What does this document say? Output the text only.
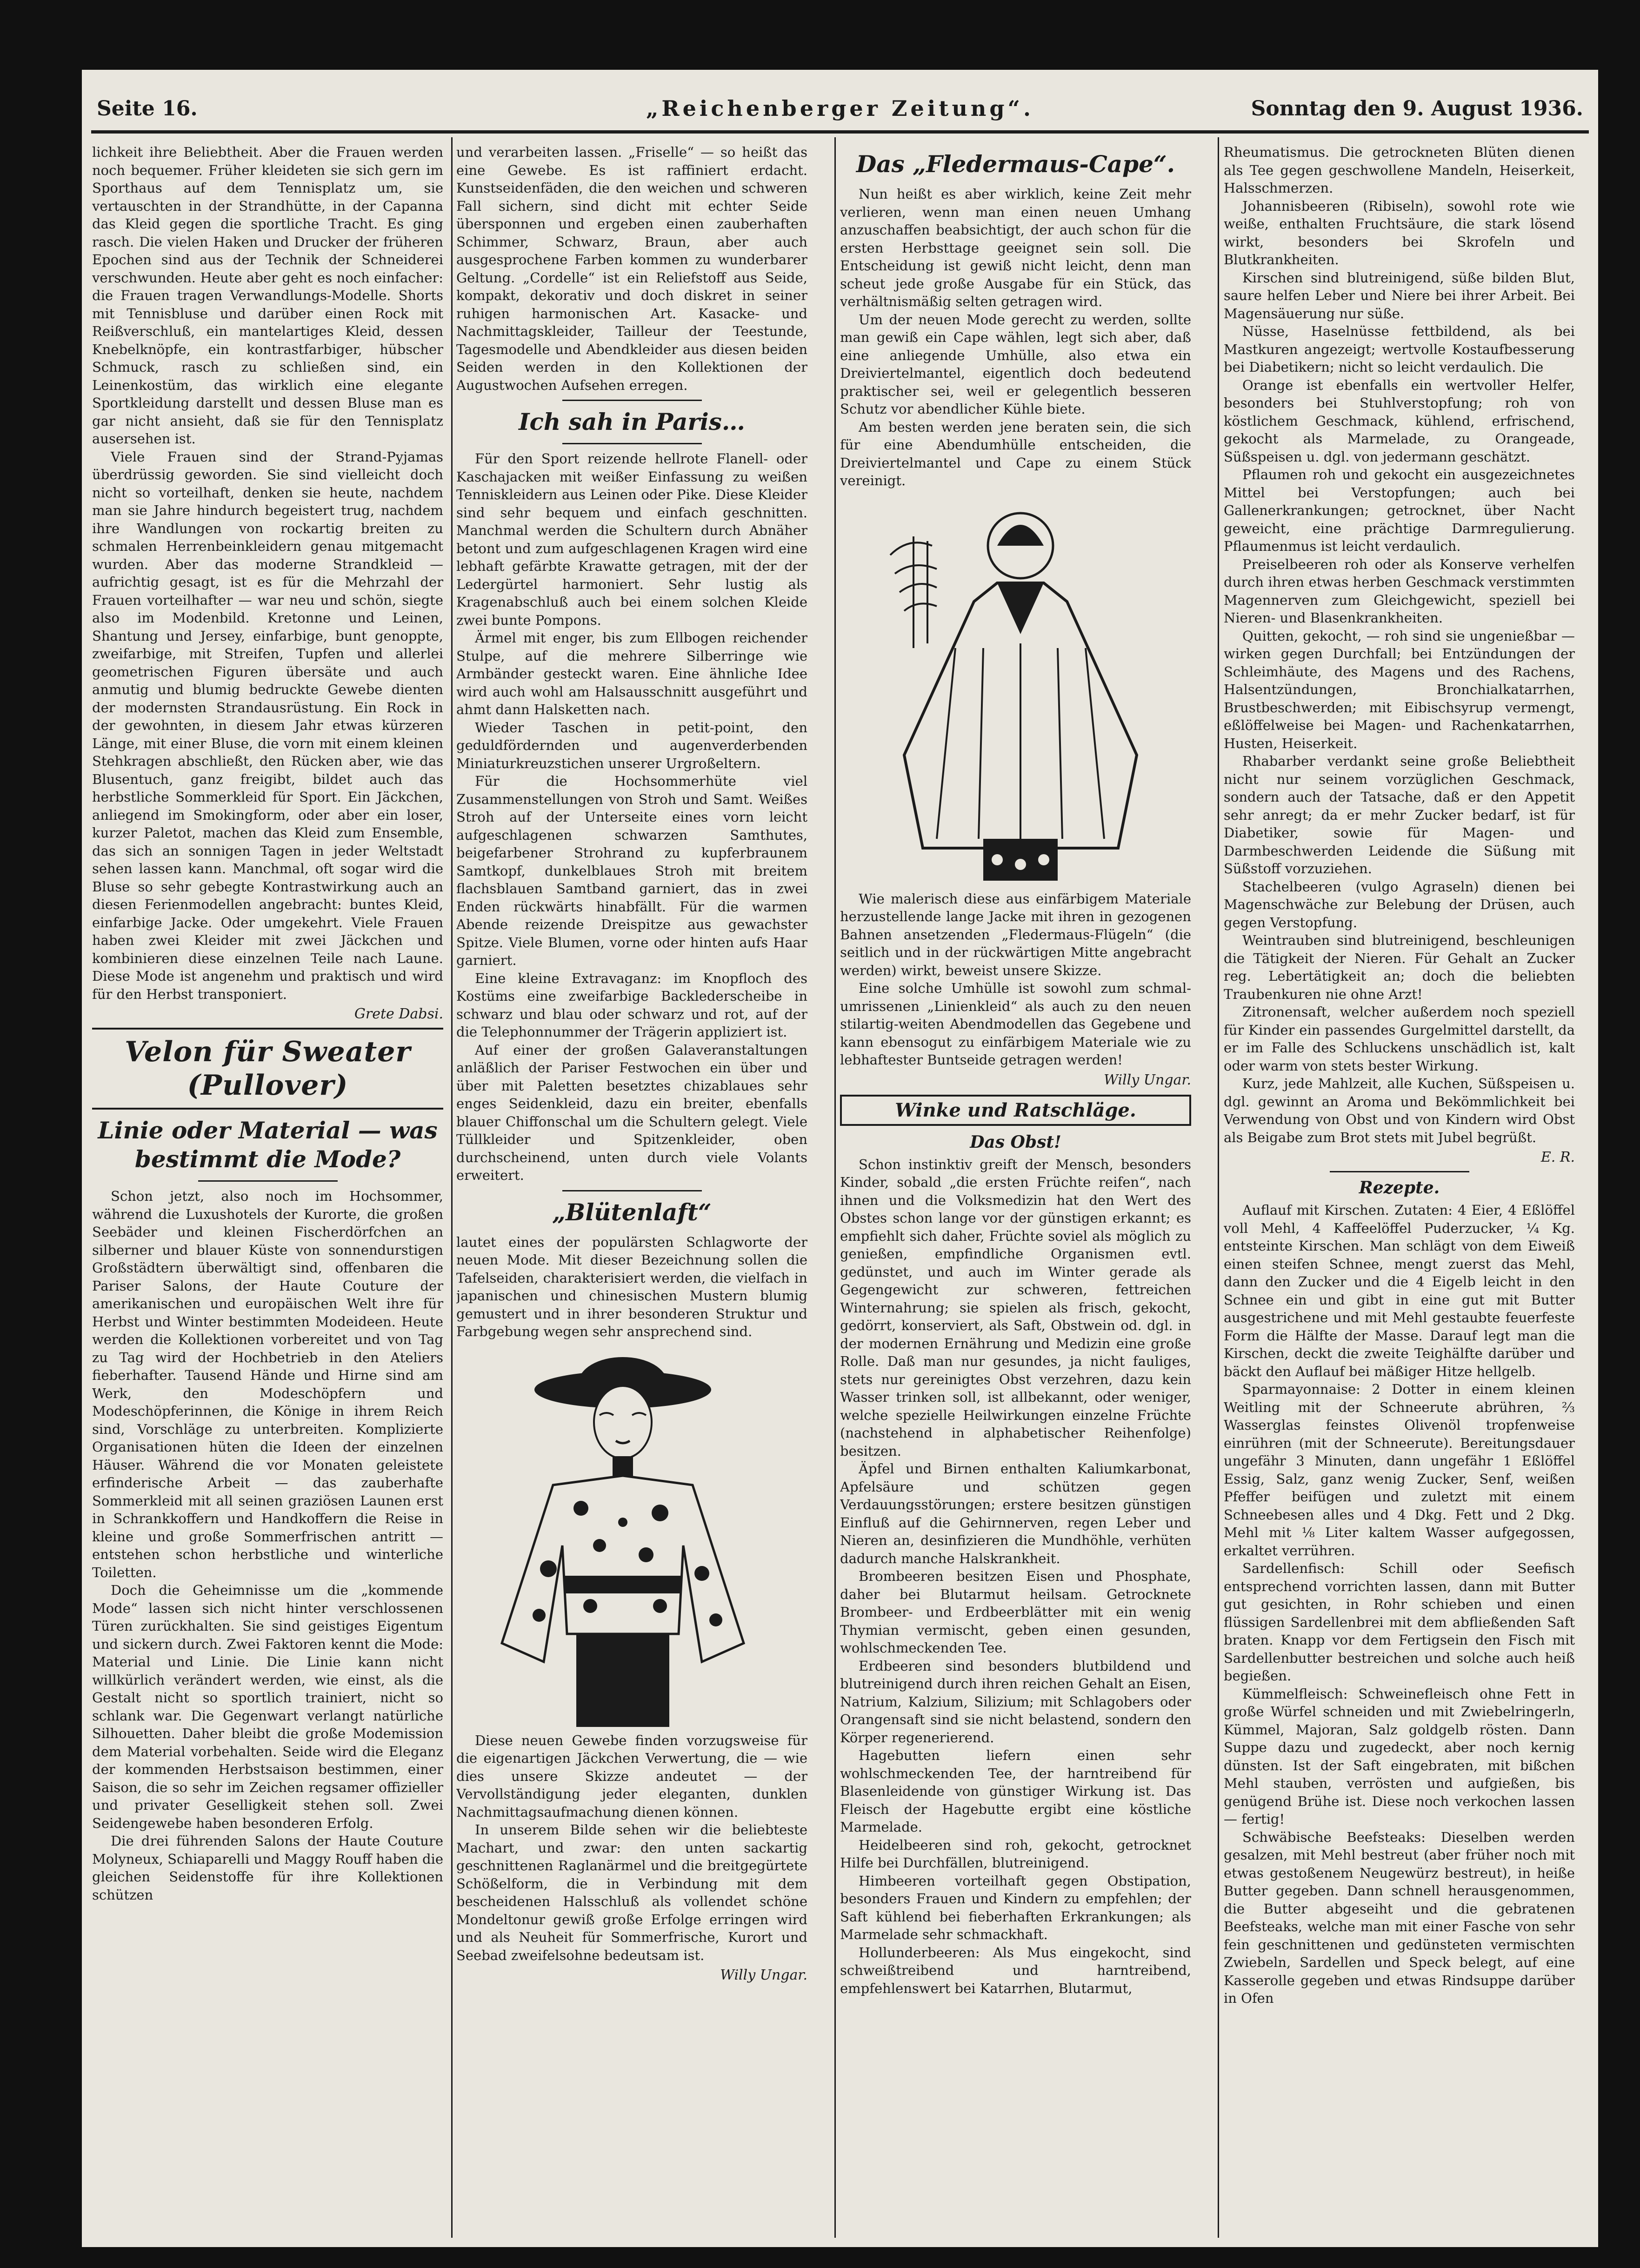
Seite 16.	„Reichenberger Zeitung“.	Sonntag den 9. August 1936.

lichkeit ihre Beliebtheit. Aber die Frauen werden noch bequemer. Früher kleideten sie sich gern im Sporthaus auf dem Tennisplatz um, sie vertauschten in der Strandhütte, in der Capanna das Kleid gegen die sportliche Tracht. Es ging rasch. Die vielen Haken und Drucker der früheren Epochen sind aus der Technik der Schneiderei verschwunden. Heute aber geht es noch einfacher: die Frauen tragen Verwandlungs-Modelle. Shorts mit Tennisbluse und darüber einen Rock mit Reißverschluß, ein mantelartiges Kleid, dessen Knebelknöpfe, ein kontrastfarbiger, hübscher Schmuck, rasch zu schließen sind, ein Leinenkostüm, das wirklich eine elegante Sportkleidung darstellt und dessen Bluse man es gar nicht ansieht, daß sie für den Tennisplatz ausersehen ist.

Viele Frauen sind der Strand-Pyjamas überdrüssig geworden. Sie sind vielleicht doch nicht so vorteilhaft, denken sie heute, nachdem man sie Jahre hindurch begeistert trug, nachdem ihre Wandlungen von rockartig breiten zu schmalen Herrenbeinkleidern genau mitgemacht wurden. Aber das moderne Strandkleid — aufrichtig gesagt, ist es für die Mehrzahl der Frauen vorteilhafter — war neu und schön, siegte also im Modenbild. Kretonne und Leinen, Shantung und Jersey, einfarbige, bunt genoppte, zweifarbige, mit Streifen, Tupfen und allerlei geometrischen Figuren übersäte und auch anmutig und blumig bedruckte Gewebe dienten der modernsten Strandausrüstung. Ein Rock in der gewohnten, in diesem Jahr etwas kürzeren Länge, mit einer Bluse, die vorn mit einem kleinen Stehkragen abschließt, den Rücken aber, wie das Blusentuch, ganz freigibt, bildet auch das herbstliche Sommerkleid für Sport. Ein Jäckchen, anliegend im Smokingform, oder aber ein loser, kurzer Paletot, machen das Kleid zum Ensemble, das sich an sonnigen Tagen in jeder Weltstadt sehen lassen kann. Manchmal, oft sogar wird die Bluse so sehr gebegte Kontrastwirkung auch an diesen Ferienmodellen angebracht: buntes Kleid, einfarbige Jacke. Oder umgekehrt. Viele Frauen haben zwei Kleider mit zwei Jäckchen und kombinieren diese einzelnen Teile nach Laune. Diese Mode ist angenehm und praktisch und wird für den Herbst transponiert.

Grete Dabsi.
Velon für Sweater (Pullover)
Linie oder Material — was bestimmt die Mode?

Schon jetzt, also noch im Hochsommer, während die Luxushotels der Kurorte, die großen Seebäder und kleinen Fischerdörfchen an silberner und blauer Küste von sonnendurstigen Großstädtern überwältigt sind, offenbaren die Pariser Salons, der Haute Couture der amerikanischen und europäischen Welt ihre für Herbst und Winter bestimmten Modeideen. Heute werden die Kollektionen vorbereitet und von Tag zu Tag wird der Hochbetrieb in den Ateliers fieberhafter. Tausend Hände und Hirne sind am Werk, den Modeschöpfern und Modeschöpferinnen, die Könige in ihrem Reich sind, Vorschläge zu unterbreiten. Komplizierte Organisationen hüten die Ideen der einzelnen Häuser. Während die vor Monaten geleistete erfinderische Arbeit — das zauberhafte Sommerkleid mit all seinen graziösen Launen erst in Schrankkoffern und Handkoffern die Reise in kleine und große Sommerfrischen antritt — entstehen schon herbstliche und winterliche Toiletten.

Doch die Geheimnisse um die „kommende Mode“ lassen sich nicht hinter verschlossenen Türen zurückhalten. Sie sind geistiges Eigentum und sickern durch. Zwei Faktoren kennt die Mode: Material und Linie. Die Linie kann nicht willkürlich verändert werden, wie einst, als die Gestalt nicht so sportlich trainiert, nicht so schlank war. Die Gegenwart verlangt natürliche Silhouetten. Daher bleibt die große Modemission dem Material vorbehalten. Seide wird die Eleganz der kommenden Herbstsaison bestimmen, einer Saison, die so sehr im Zeichen regsamer offizieller und privater Geselligkeit stehen soll. Zwei Seidengewebe haben besonderen Erfolg.

Die drei führenden Salons der Haute Couture Molyneux, Schiaparelli und Maggy Rouff haben die gleichen Seidenstoffe für ihre Kollektionen schützen

und verarbeiten lassen. „Friselle“ — so heißt das eine Gewebe. Es ist raffiniert erdacht. Kunstseidenfäden, die den weichen und schweren Fall sichern, sind dicht mit echter Seide übersponnen und ergeben einen zauberhaften Schimmer, Schwarz, Braun, aber auch ausgesprochene Farben kommen zu wunderbarer Geltung. „Cordelle“ ist ein Reliefstoff aus Seide, kompakt, dekorativ und doch diskret in seiner ruhigen harmonischen Art. Kasacke- und Nachmittagskleider, Tailleur der Teestunde, Tagesmodelle und Abendkleider aus diesen beiden Seiden werden in den Kollektionen der Augustwochen Aufsehen erregen.

Ich sah in Paris…

Für den Sport reizende hellrote Flanell- oder Kaschajacken mit weißer Einfassung zu weißen Tenniskleidern aus Leinen oder Pike. Diese Kleider sind sehr bequem und einfach geschnitten. Manchmal werden die Schultern durch Abnäher betont und zum aufgeschlagenen Kragen wird eine lebhaft gefärbte Krawatte getragen, mit der der Ledergürtel harmoniert. Sehr lustig als Kragenabschluß auch bei einem solchen Kleide zwei bunte Pompons.

Ärmel mit enger, bis zum Ellbogen reichender Stulpe, auf die mehrere Silberringe wie Armbänder gesteckt waren. Eine ähnliche Idee wird auch wohl am Halsausschnitt ausgeführt und ahmt dann Halsketten nach.

Wieder Taschen in petit-point, den geduldfördernden und augenverderbenden Miniaturkreuzstichen unserer Urgroßeltern.

Für die Hochsommerhüte viel Zusammenstellungen von Stroh und Samt. Weißes Stroh auf der Unterseite eines vorn leicht aufgeschlagenen schwarzen Samthutes, beigefarbener Strohrand zu kupferbraunem Samtkopf, dunkelblaues Stroh mit breitem flachsblauen Samtband garniert, das in zwei Enden rückwärts hinabfällt. Für die warmen Abende reizende Dreispitze aus gewachster Spitze. Viele Blumen, vorne oder hinten aufs Haar garniert.

Eine kleine Extravaganz: im Knopfloch des Kostüms eine zweifarbige Backlederscheibe in schwarz und blau oder schwarz und rot, auf der die Telephonnummer der Trägerin appliziert ist.

Auf einer der großen Galaveranstaltungen anläßlich der Pariser Festwochen ein über und über mit Paletten besetztes chizablaues sehr enges Seidenkleid, dazu ein breiter, ebenfalls blauer Chiffonschal um die Schultern gelegt. Viele Tüllkleider und Spitzenkleider, oben durchscheinend, unten durch viele Volants erweitert.

„Blütenlaft“

lautet eines der populärsten Schlagworte der neuen Mode. Mit dieser Bezeichnung sollen die Tafelseiden, charakterisiert werden, die vielfach in japanischen und chinesischen Mustern blumig gemustert und in ihrer besonderen Struktur und Farbgebung wegen sehr ansprechend sind.

Diese neuen Gewebe finden vorzugsweise für die eigenartigen Jäckchen Verwertung, die — wie dies unsere Skizze andeutet — der Vervollständigung jeder eleganten, dunklen Nachmittagsaufmachung dienen können.

In unserem Bilde sehen wir die beliebteste Machart, und zwar: den unten sackartig geschnittenen Raglanärmel und die breitgegürtete Schößelform, die in Verbindung mit dem bescheidenen Halsschluß als vollendet schöne Mondeltonur gewiß große Erfolge erringen wird und als Neuheit für Sommerfrische, Kurort und Seebad zweifelsohne bedeutsam ist.

Willy Ungar.
Das „Fledermaus-Cape“.

Nun heißt es aber wirklich, keine Zeit mehr verlieren, wenn man einen neuen Umhang anzuschaffen beabsichtigt, der auch schon für die ersten Herbsttage geeignet sein soll. Die Entscheidung ist gewiß nicht leicht, denn man scheut jede große Ausgabe für ein Stück, das verhältnismäßig selten getragen wird.

Um der neuen Mode gerecht zu werden, sollte man gewiß ein Cape wählen, legt sich aber, daß eine anliegende Umhülle, also etwa ein Dreiviertelmantel, eigentlich doch bedeutend praktischer sei, weil er gelegentlich besseren Schutz vor abendlicher Kühle biete.

Am besten werden jene beraten sein, die sich für eine Abendumhülle entscheiden, die Dreiviertelmantel und Cape zu einem Stück vereinigt.

Wie malerisch diese aus einfärbigem Materiale herzustellende lange Jacke mit ihren in gezogenen Bahnen ansetzenden „Fledermaus-Flügeln“ (die seitlich und in der rückwärtigen Mitte angebracht werden) wirkt, beweist unsere Skizze.

Eine solche Umhülle ist sowohl zum schmal-umrissenen „Linienkleid“ als auch zu den neuen stilartig-weiten Abendmodellen das Gegebene und kann ebensogut zu einfärbigem Materiale wie zu lebhaftester Buntseide getragen werden!

Willy Ungar.
Winke und Ratschläge.
Das Obst!

Schon instinktiv greift der Mensch, besonders Kinder, sobald „die ersten Früchte reifen“, nach ihnen und die Volksmedizin hat den Wert des Obstes schon lange vor der günstigen erkannt; es empfiehlt sich daher, Früchte soviel als möglich zu genießen, empfindliche Organismen evtl. gedünstet, und auch im Winter gerade als Gegengewicht zur schweren, fettreichen Winternahrung; sie spielen als frisch, gekocht, gedörrt, konserviert, als Saft, Obstwein od. dgl. in der modernen Ernährung und Medizin eine große Rolle. Daß man nur gesundes, ja nicht fauliges, stets nur gereinigtes Obst verzehren, dazu kein Wasser trinken soll, ist allbekannt, oder weniger, welche spezielle Heilwirkungen einzelne Früchte (nachstehend in alphabetischer Reihenfolge) besitzen.

Äpfel und Birnen enthalten Kaliumkarbonat, Apfelsäure und schützen gegen Verdauungsstörungen; erstere besitzen günstigen Einfluß auf die Gehirnnerven, regen Leber und Nieren an, desinfizieren die Mundhöhle, verhüten dadurch manche Halskrankheit.

Brombeeren besitzen Eisen und Phosphate, daher bei Blutarmut heilsam. Getrocknete Brombeer- und Erdbeerblätter mit ein wenig Thymian vermischt, geben einen gesunden, wohlschmeckenden Tee.

Erdbeeren sind besonders blutbildend und blutreinigend durch ihren reichen Gehalt an Eisen, Natrium, Kalzium, Silizium; mit Schlagobers oder Orangensaft sind sie nicht belastend, sondern den Körper regenerierend.

Hagebutten liefern einen sehr wohlschmeckenden Tee, der harntreibend für Blasenleidende von günstiger Wirkung ist. Das Fleisch der Hagebutte ergibt eine köstliche Marmelade.

Heidelbeeren sind roh, gekocht, getrocknet Hilfe bei Durchfällen, blutreinigend.

Himbeeren vorteilhaft gegen Obstipation, besonders Frauen und Kindern zu empfehlen; der Saft kühlend bei fieberhaften Erkrankungen; als Marmelade sehr schmackhaft.

Hollunderbeeren: Als Mus eingekocht, sind schweißtreibend und harntreibend, empfehlenswert bei Katarrhen, Blutarmut,

Rheumatismus. Die getrockneten Blüten dienen als Tee gegen geschwollene Mandeln, Heiserkeit, Halsschmerzen.

Johannisbeeren (Ribiseln), sowohl rote wie weiße, enthalten Fruchtsäure, die stark lösend wirkt, besonders bei Skrofeln und Blutkrankheiten.

Kirschen sind blutreinigend, süße bilden Blut, saure helfen Leber und Niere bei ihrer Arbeit. Bei Magensäuerung nur süße.

Nüsse, Haselnüsse fettbildend, als bei Mastkuren angezeigt; wertvolle Kostaufbesserung bei Diabetikern; nicht so leicht verdaulich. Die

Orange ist ebenfalls ein wertvoller Helfer, besonders bei Stuhlverstopfung; roh von köstlichem Geschmack, kühlend, erfrischend, gekocht als Marmelade, zu Orangeade, Süßspeisen u. dgl. von jedermann geschätzt.

Pflaumen roh und gekocht ein ausgezeichnetes Mittel bei Verstopfungen; auch bei Gallenerkrankungen; getrocknet, über Nacht geweicht, eine prächtige Darmregulierung. Pflaumenmus ist leicht verdaulich.

Preiselbeeren roh oder als Konserve verhelfen durch ihren etwas herben Geschmack verstimmten Magennerven zum Gleichgewicht, speziell bei Nieren- und Blasenkrankheiten.

Quitten, gekocht, — roh sind sie ungenießbar — wirken gegen Durchfall; bei Entzündungen der Schleimhäute, des Magens und des Rachens, Halsentzündungen, Bronchialkatarrhen, Brustbeschwerden; mit Eibischsyrup vermengt, eßlöffelweise bei Magen- und Rachenkatarrhen, Husten, Heiserkeit.

Rhabarber verdankt seine große Beliebtheit nicht nur seinem vorzüglichen Geschmack, sondern auch der Tatsache, daß er den Appetit sehr anregt; da er mehr Zucker bedarf, ist für Diabetiker, sowie für Magen- und Darmbeschwerden Leidende die Süßung mit Süßstoff vorzuziehen.

Stachelbeeren (vulgo Agraseln) dienen bei Magenschwäche zur Belebung der Drüsen, auch gegen Verstopfung.

Weintrauben sind blutreinigend, beschleunigen die Tätigkeit der Nieren. Für Gehalt an Zucker reg. Lebertätigkeit an; doch die beliebten Traubenkuren nie ohne Arzt!

Zitronensaft, welcher außerdem noch speziell für Kinder ein passendes Gurgelmittel darstellt, da er im Falle des Schluckens unschädlich ist, kalt oder warm von stets bester Wirkung.

Kurz, jede Mahlzeit, alle Kuchen, Süßspeisen u. dgl. gewinnt an Aroma und Bekömmlichkeit bei Verwendung von Obst und von Kindern wird Obst als Beigabe zum Brot stets mit Jubel begrüßt.

E. R.
Rezepte.

Auflauf mit Kirschen. Zutaten: 4 Eier, 4 Eßlöffel voll Mehl, 4 Kaffeelöffel Puderzucker, ¼ Kg. entsteinte Kirschen. Man schlägt von dem Eiweiß einen steifen Schnee, mengt zuerst das Mehl, dann den Zucker und die 4 Eigelb leicht in den Schnee ein und gibt in eine gut mit Butter ausgestrichene und mit Mehl gestaubte feuerfeste Form die Hälfte der Masse. Darauf legt man die Kirschen, deckt die zweite Teighälfte darüber und bäckt den Auflauf bei mäßiger Hitze hellgelb.

Sparmayonnaise: 2 Dotter in einem kleinen Weitling mit der Schneerute abrühren, ⅔ Wasserglas feinstes Olivenöl tropfenweise einrühren (mit der Schneerute). Bereitungsdauer ungefähr 3 Minuten, dann ungefähr 1 Eßlöffel Essig, Salz, ganz wenig Zucker, Senf, weißen Pfeffer beifügen und zuletzt mit einem Schneebesen alles und 4 Dkg. Fett und 2 Dkg. Mehl mit ⅛ Liter kaltem Wasser aufgegossen, erkaltet verrühren.

Sardellenfisch: Schill oder Seefisch entsprechend vorrichten lassen, dann mit Butter gut gesichten, in Rohr schieben und einen flüssigen Sardellenbrei mit dem abfließenden Saft braten. Knapp vor dem Fertigsein den Fisch mit Sardellenbutter bestreichen und solche auch heiß begießen.

Kümmelfleisch: Schweinefleisch ohne Fett in große Würfel schneiden und mit Zwiebelringerln, Kümmel, Majoran, Salz goldgelb rösten. Dann Suppe dazu und zugedeckt, aber noch kernig dünsten. Ist der Saft eingebraten, mit bißchen Mehl stauben, verrösten und aufgießen, bis genügend Brühe ist. Diese noch verkochen lassen — fertig!

Schwäbische Beefsteaks: Dieselben werden gesalzen, mit Mehl bestreut (aber früher noch mit etwas gestoßenem Neugewürz bestreut), in heiße Butter gegeben. Dann schnell herausgenommen, die Butter abgeseiht und die gebratenen Beefsteaks, welche man mit einer Fasche von sehr fein geschnittenen und gedünsteten vermischten Zwiebeln, Sardellen und Speck belegt, auf eine Kasserolle gegeben und etwas Rindsuppe darüber in Ofen
